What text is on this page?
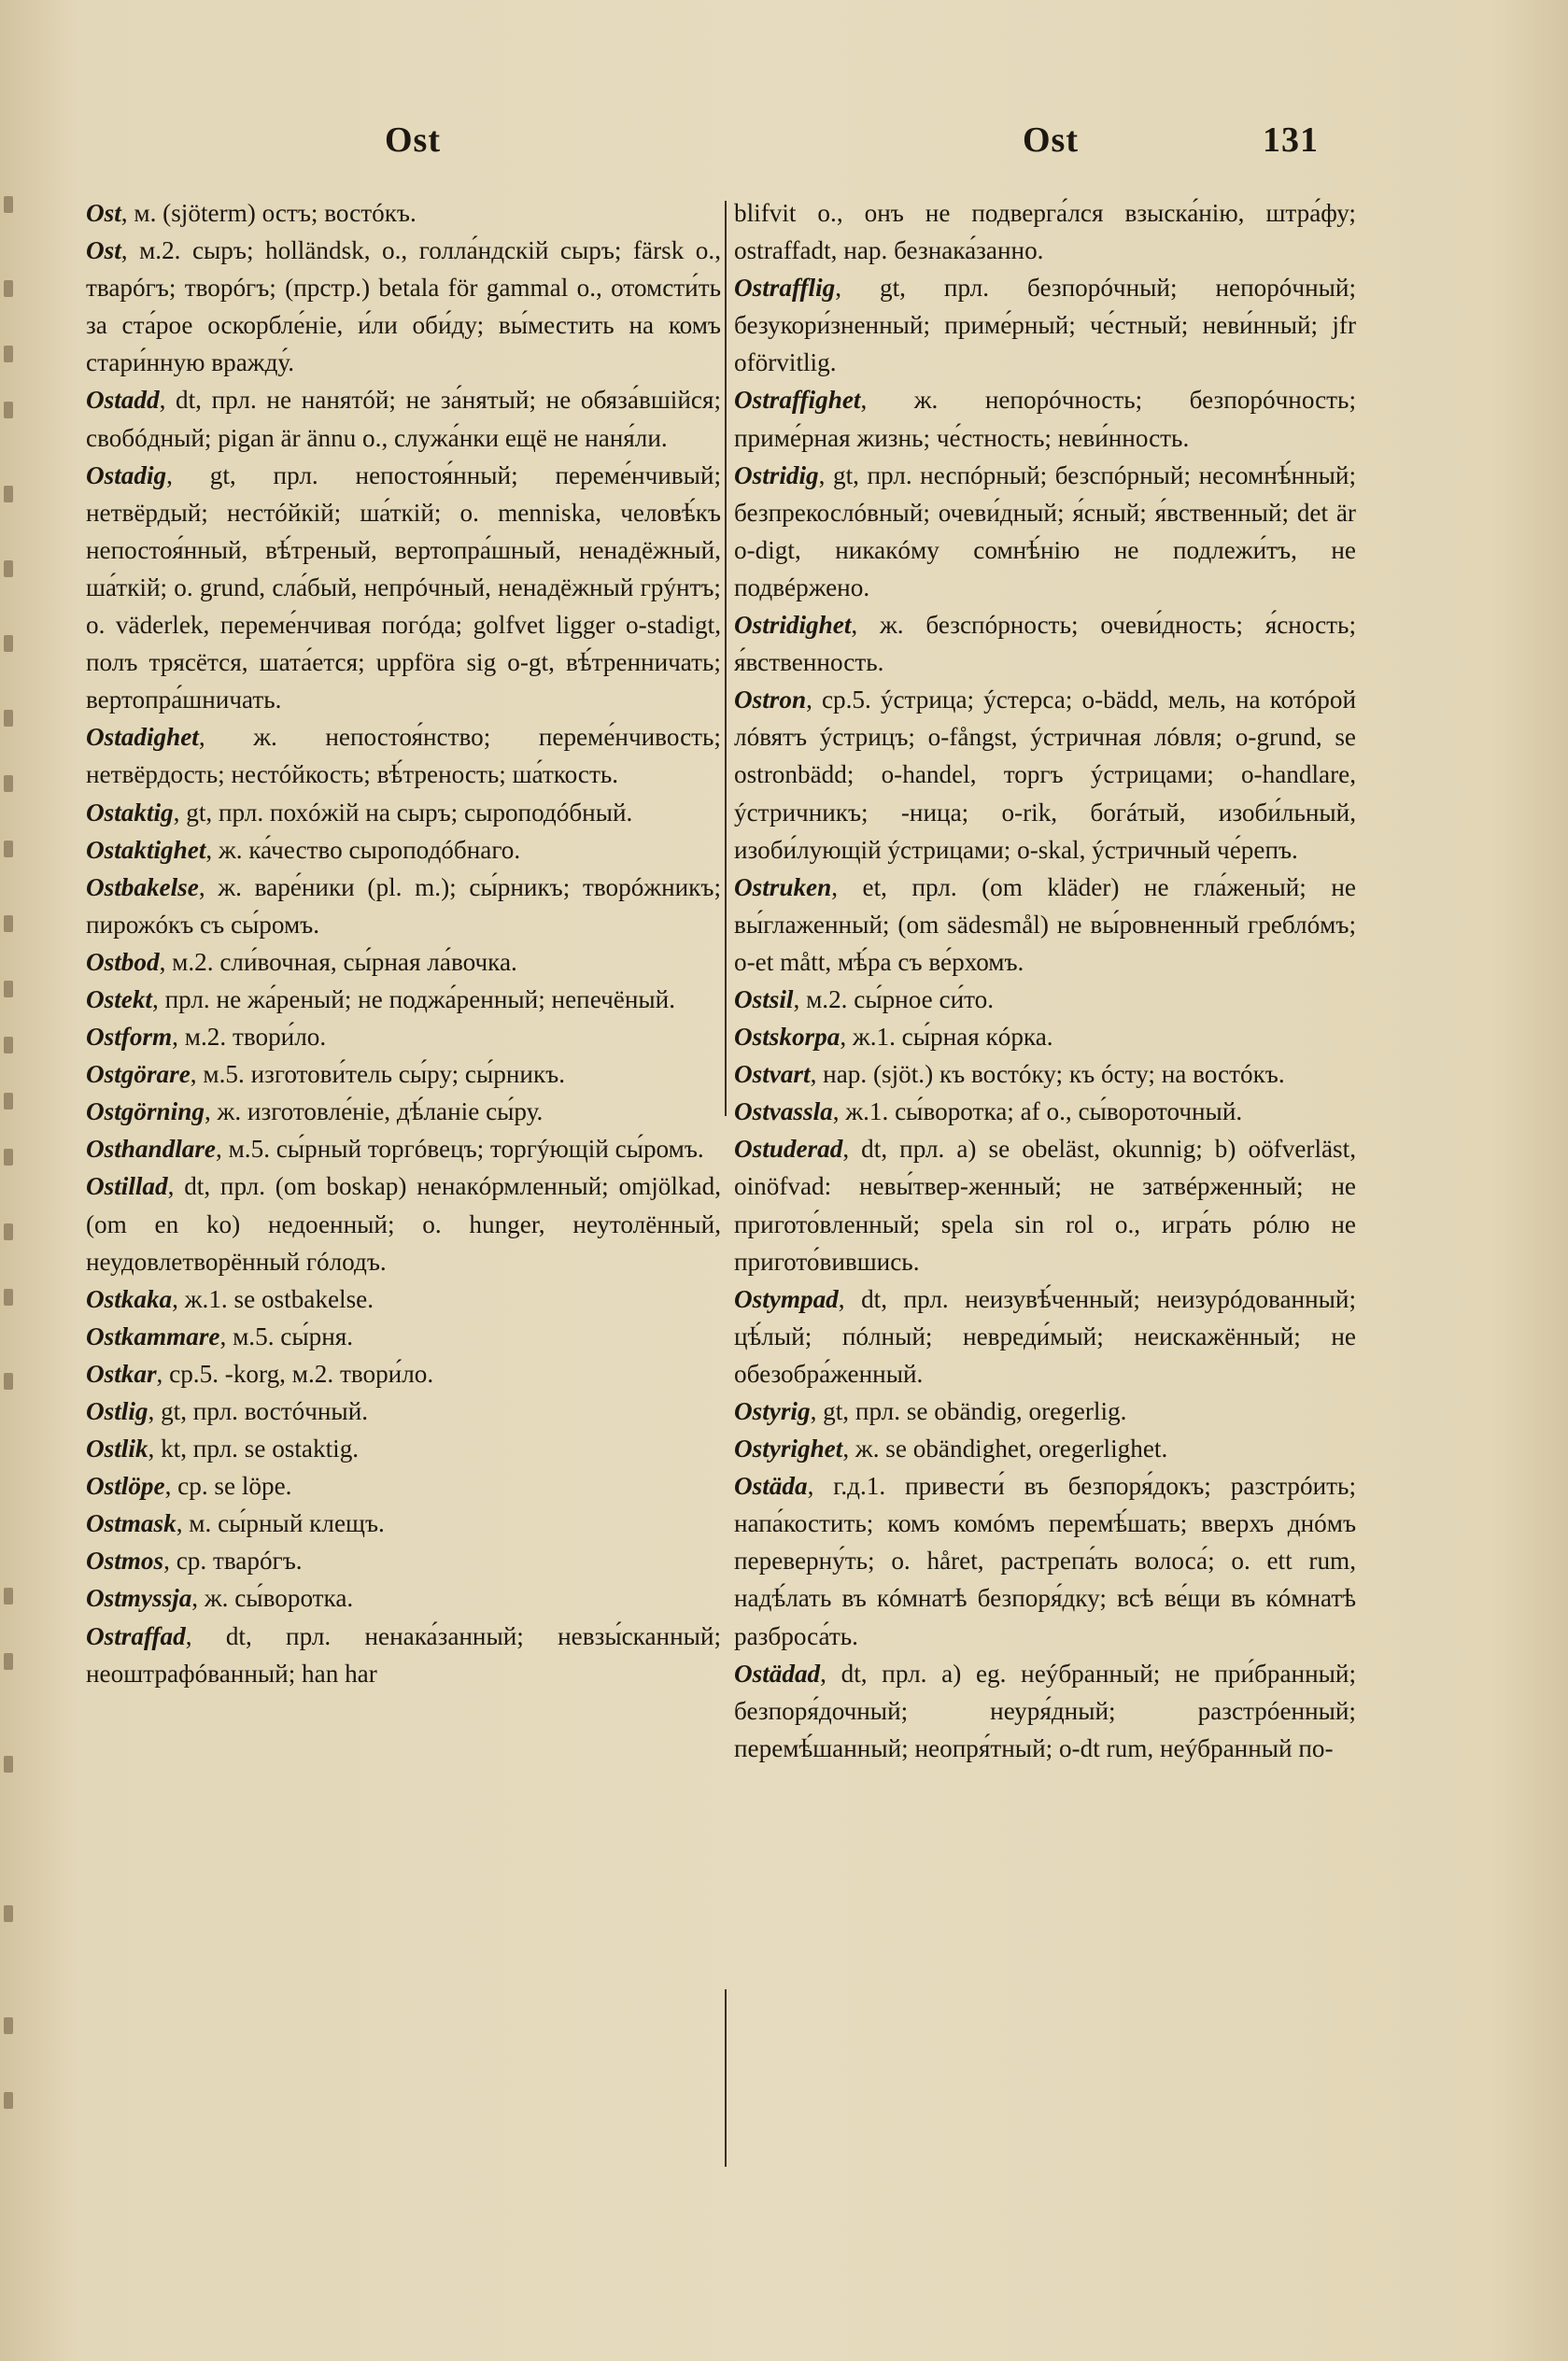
Ost	Ost	131

Ost, м. (sjöterm) остъ; востóкъ.

Ost, м.2. сыръ; holländsk, о., голла́ндскій сыръ; färsk о., тварóгъ; творóгъ; (прстр.) betala för gammal o., отомсти́ть за ста́рое оскорбле́ніе, и́ли оби́ду; вы́местить на комъ стари́нную вражду́.

Ostadd, dt, прл. не нанятóй; не за́нятый; не обяза́вшійся; свобóдный; pigan är ännu o., служа́нки ещё не наня́ли.

Ostadig, gt, прл. непостоя́нный; переме́нчивый; нетвёрдый; нестóйкій; ша́ткій; о. menniska, человѣ́къ непостоя́нный, вѣ́треный, вертопра́шный, ненадёжный, ша́ткій; о. grund, сла́бый, непрóчный, ненадёжный грýнтъ; о. väderlek, переме́нчивая погóда; golfvet ligger o-stadigt, полъ трясётся, шата́ется; uppföra sig o-gt, вѣ́тренничать; вертопра́шничать.

Ostadighet, ж. непостоя́нство; переме́нчивость; нетвёрдость; нестóйкость; вѣ́треность; ша́ткость.

Ostaktig, gt, прл. похóжій на сыръ; сыроподóбный.

Ostaktighet, ж. ка́чество сыроподóбнаго.

Ostbakelse, ж. варе́ники (pl. m.); сы́рникъ; творóжникъ; пирожóкъ съ сы́ромъ.

Ostbod, м.2. сли́вочная, сы́рная ла́вочка.

Ostekt, прл. не жа́реный; не поджа́ренный; непечёный.

Ostform, м.2. твори́ло.

Ostgörare, м.5. изготови́тель сы́ру; сы́рникъ.

Ostgörning, ж. изготовле́ніе, дѣ́ланіе сы́ру.

Osthandlare, м.5. сы́рный торгóвецъ; торгýющій сы́ромъ.

Ostillad, dt, прл. (om boskap) ненакóрмленный; omjölkad, (om en ko) недоенный; о. hunger, неутолённый, неудовлетворённый гóлодъ.

Ostkaka, ж.1. se ostbakelse.

Ostkammare, м.5. сы́рня.

Ostkar, ср.5. -korg, м.2. твори́ло.

Ostlig, gt, прл. востóчный.

Ostlik, kt, прл. se ostaktig.

Ostlöpe, ср. se löpe.

Ostmask, м. сы́рный клещъ.

Ostmos, ср. тварóгъ.

Ostmyssja, ж. сы́воротка.

Ostraffad, dt, прл. ненака́занный; невзы́сканный; неоштрафóванный; han har

blifvit о., онъ не подверга́лся взыска́нію, штра́фу; ostraffadt, нар. безнака́занно.

Ostrafflig, gt, прл. безпорóчный; непорóчный; безукори́зненный; приме́рный; че́стный; неви́нный; jfr oförvitlig.

Ostraffighet, ж. непорóчность; безпорóчность; приме́рная жизнь; че́стность; неви́нность.

Ostridig, gt, прл. неспóрный; безспóрный; несомнѣ́нный; безпрекослóвный; очеви́дный; я́сный; я́вственный; det är o-digt, никакóму сомнѣ́нію не подлежи́тъ, не подвéржено.

Ostridighet, ж. безспóрность; очеви́дность; я́сность; я́вственность.

Ostron, ср.5. ýстрица; ýстерса; o-bädd, мель, на котóрой лóвятъ ýстрицъ; o-fångst, ýстричная лóвля; o-grund, se ostronbädd; o-handel, торгъ ýстрицами; o-handlare, ýстричникъ; -ница; o-rik, богáтый, изоби́льный, изоби́лующій ýстрицами; o-skal, ýстричный че́репъ.

Ostruken, et, прл. (om kläder) не гла́женый; не вы́глаженный; (om sädesmål) не вы́ровненный греблóмъ; o-et mått, мѣ́ра съ ве́рхомъ.

Ostsil, м.2. сы́рное си́то.

Ostskorpa, ж.1. сы́рная кóрка.

Ostvart, нар. (sjöt.) къ востóку; къ óсту; на востóкъ.

Ostvassla, ж.1. сы́воротка; af o., сы́вороточный.

Ostuderad, dt, прл. a) se obeläst, okunnig; b) oöfverläst, oinöfvad: невы́твер-женный; не затвéрженный; не пригото́вленный; spela sin rol o., игра́ть рóлю не пригото́вившись.

Ostympad, dt, прл. неизувѣ́ченный; неизурóдованный; цѣ́лый; пóлный; невреди́мый; неискажённый; не обезобра́женный.

Ostyrig, gt, прл. se obändig, oregerlig.

Ostyrighet, ж. se obändighet, oregerlighet.

Ostäda, г.д.1. привести́ въ безпоря́докъ; разстрóить; напа́костить; комъ комóмъ перемѣ́шать; вверхъ днóмъ переверну́ть; о. håret, растрепа́ть волоса́; о. ett rum, надѣ́лать въ кóмнатѣ безпоря́дку; всѣ ве́щи въ кóмнатѣ разброса́ть.

Ostädad, dt, прл. a) eg. неýбранный; не при́бранный; безпоря́дочный; неуря́дный; разстрóенный; перемѣ́шанный; неопря́тный; o-dt rum, неýбранный по-
